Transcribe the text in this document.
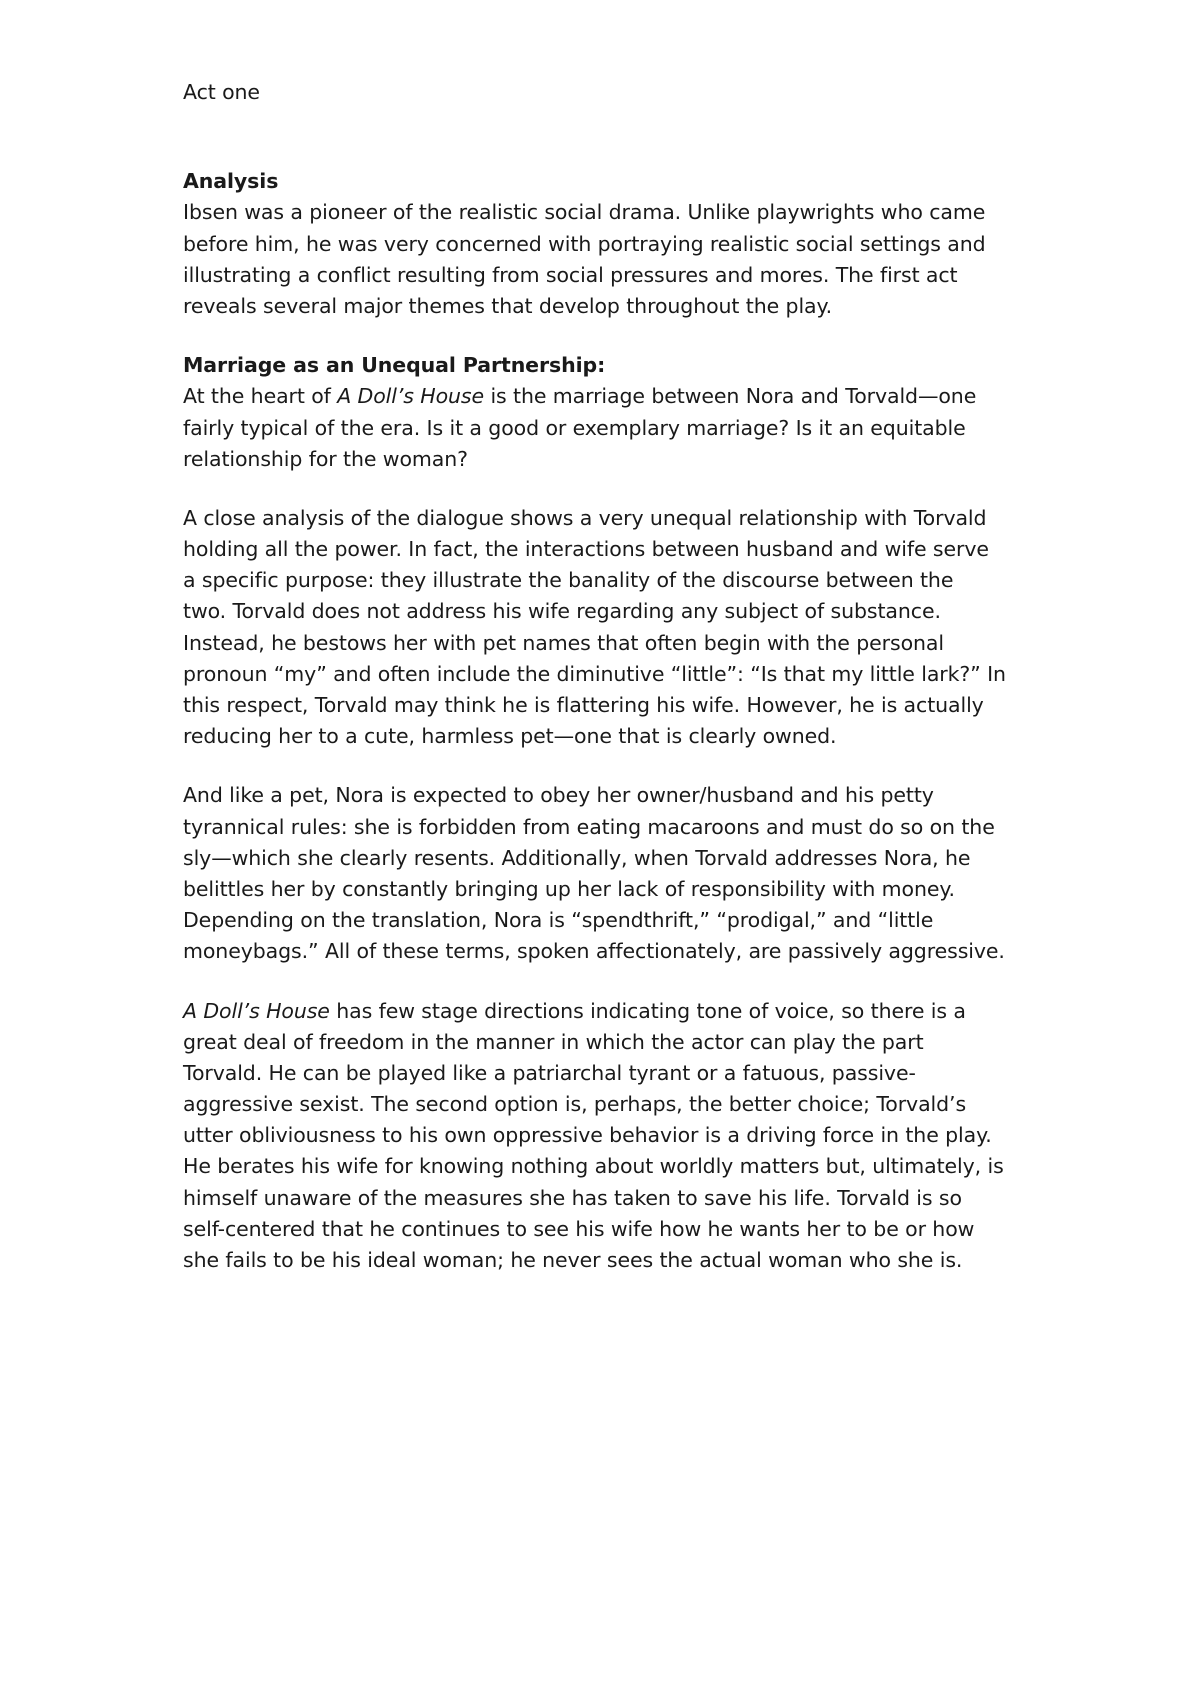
Act one
Analysis
Ibsen was a pioneer of the realistic social drama. Unlike playwrights who came
before him, he was very concerned with portraying realistic social settings and
illustrating a conflict resulting from social pressures and mores. The first act
reveals several major themes that develop throughout the play.
Marriage as an Unequal Partnership:
At the heart of A Doll’s House is the marriage between Nora and Torvald—one
fairly typical of the era. Is it a good or exemplary marriage? Is it an equitable
relationship for the woman?
A close analysis of the dialogue shows a very unequal relationship with Torvald
holding all the power. In fact, the interactions between husband and wife serve
a specific purpose: they illustrate the banality of the discourse between the
two. Torvald does not address his wife regarding any subject of substance.
Instead, he bestows her with pet names that often begin with the personal
pronoun “my” and often include the diminutive “little”: “Is that my little lark?” In
this respect, Torvald may think he is flattering his wife. However, he is actually
reducing her to a cute, harmless pet—one that is clearly owned.
And like a pet, Nora is expected to obey her owner/husband and his petty
tyrannical rules: she is forbidden from eating macaroons and must do so on the
sly—which she clearly resents. Additionally, when Torvald addresses Nora, he
belittles her by constantly bringing up her lack of responsibility with money.
Depending on the translation, Nora is “spendthrift,” “prodigal,” and “little
moneybags.” All of these terms, spoken affectionately, are passively aggressive.
A Doll’s House has few stage directions indicating tone of voice, so there is a
great deal of freedom in the manner in which the actor can play the part
Torvald. He can be played like a patriarchal tyrant or a fatuous, passive-
aggressive sexist. The second option is, perhaps, the better choice; Torvald’s
utter obliviousness to his own oppressive behavior is a driving force in the play.
He berates his wife for knowing nothing about worldly matters but, ultimately, is
himself unaware of the measures she has taken to save his life. Torvald is so
self-centered that he continues to see his wife how he wants her to be or how
she fails to be his ideal woman; he never sees the actual woman who she is.
